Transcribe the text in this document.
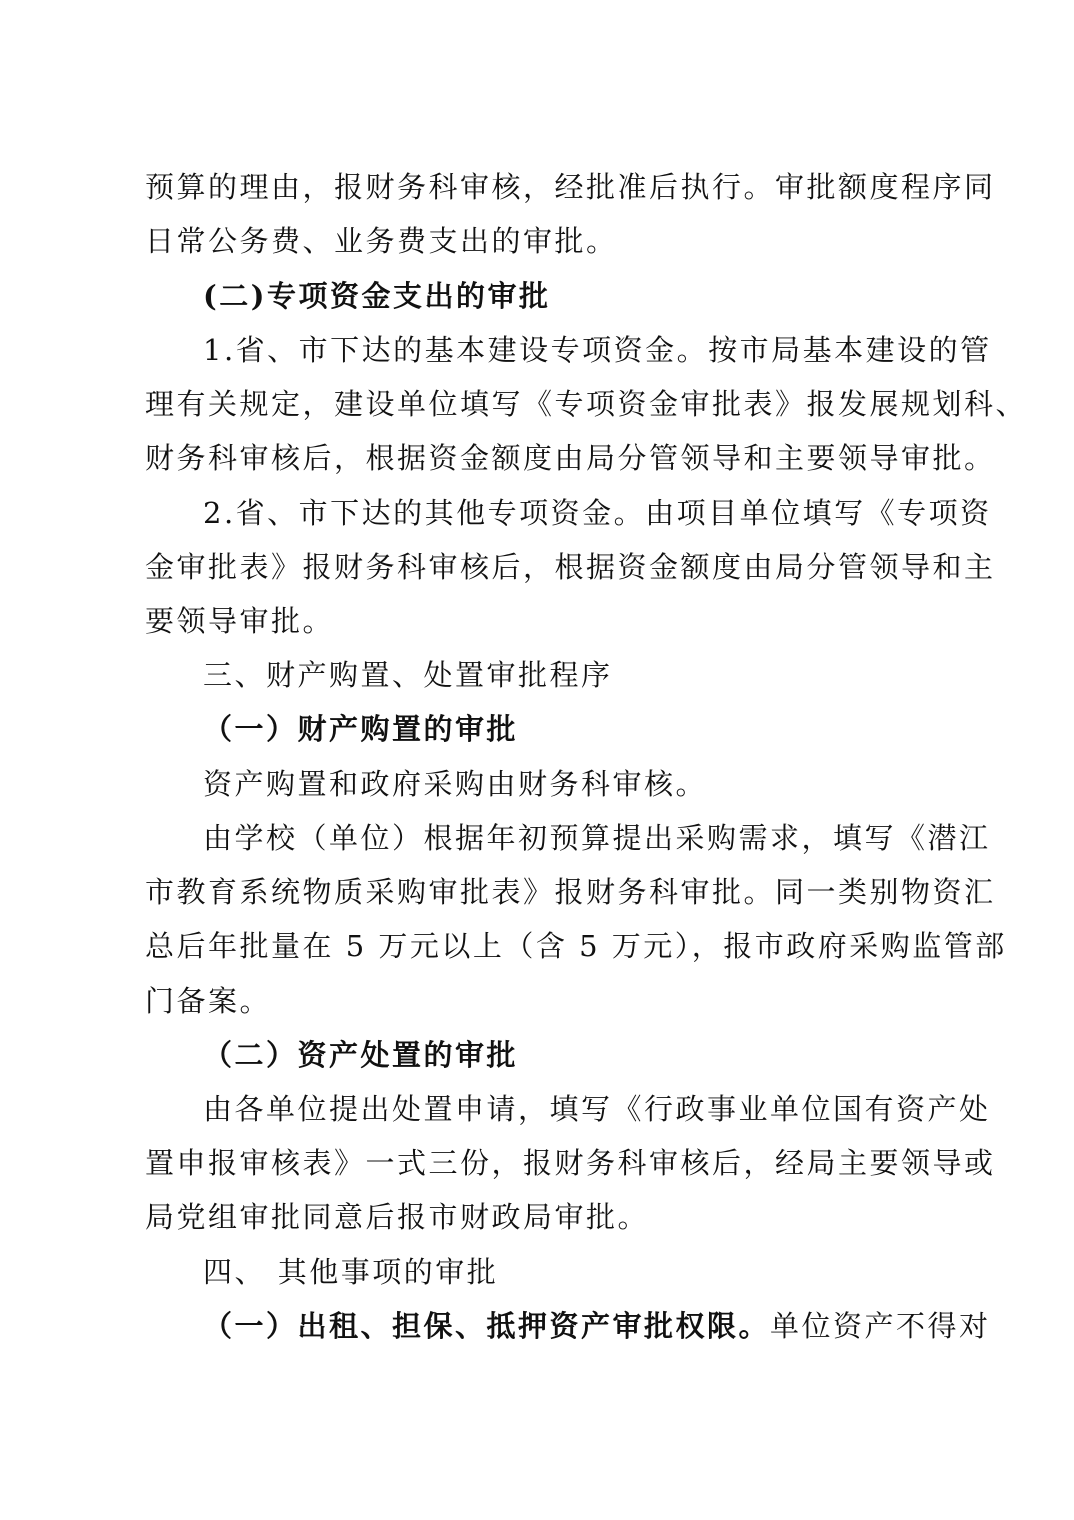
预算的理由，报财务科审核，经批准后执行。审批额度程序同
日常公务费、业务费支出的审批。
(二)专项资金支出的审批
1.省、市下达的基本建设专项资金。按市局基本建设的管
理有关规定，建设单位填写《专项资金审批表》报发展规划科、
财务科审核后，根据资金额度由局分管领导和主要领导审批。
2.省、市下达的其他专项资金。由项目单位填写《专项资
金审批表》报财务科审核后，根据资金额度由局分管领导和主
要领导审批。
三、财产购置、处置审批程序
（一）财产购置的审批
资产购置和政府采购由财务科审核。
由学校（单位）根据年初预算提出采购需求，填写《潜江
市教育系统物质采购审批表》报财务科审批。同一类别物资汇
总后年批量在 5 万元以上（含 5 万元），报市政府采购监管部
门备案。
（二）资产处置的审批
由各单位提出处置申请，填写《行政事业单位国有资产处
置申报审核表》一式三份，报财务科审核后，经局主要领导或
局党组审批同意后报市财政局审批。
四、 其他事项的审批
（一）出租、担保、抵押资产审批权限。单位资产不得对
